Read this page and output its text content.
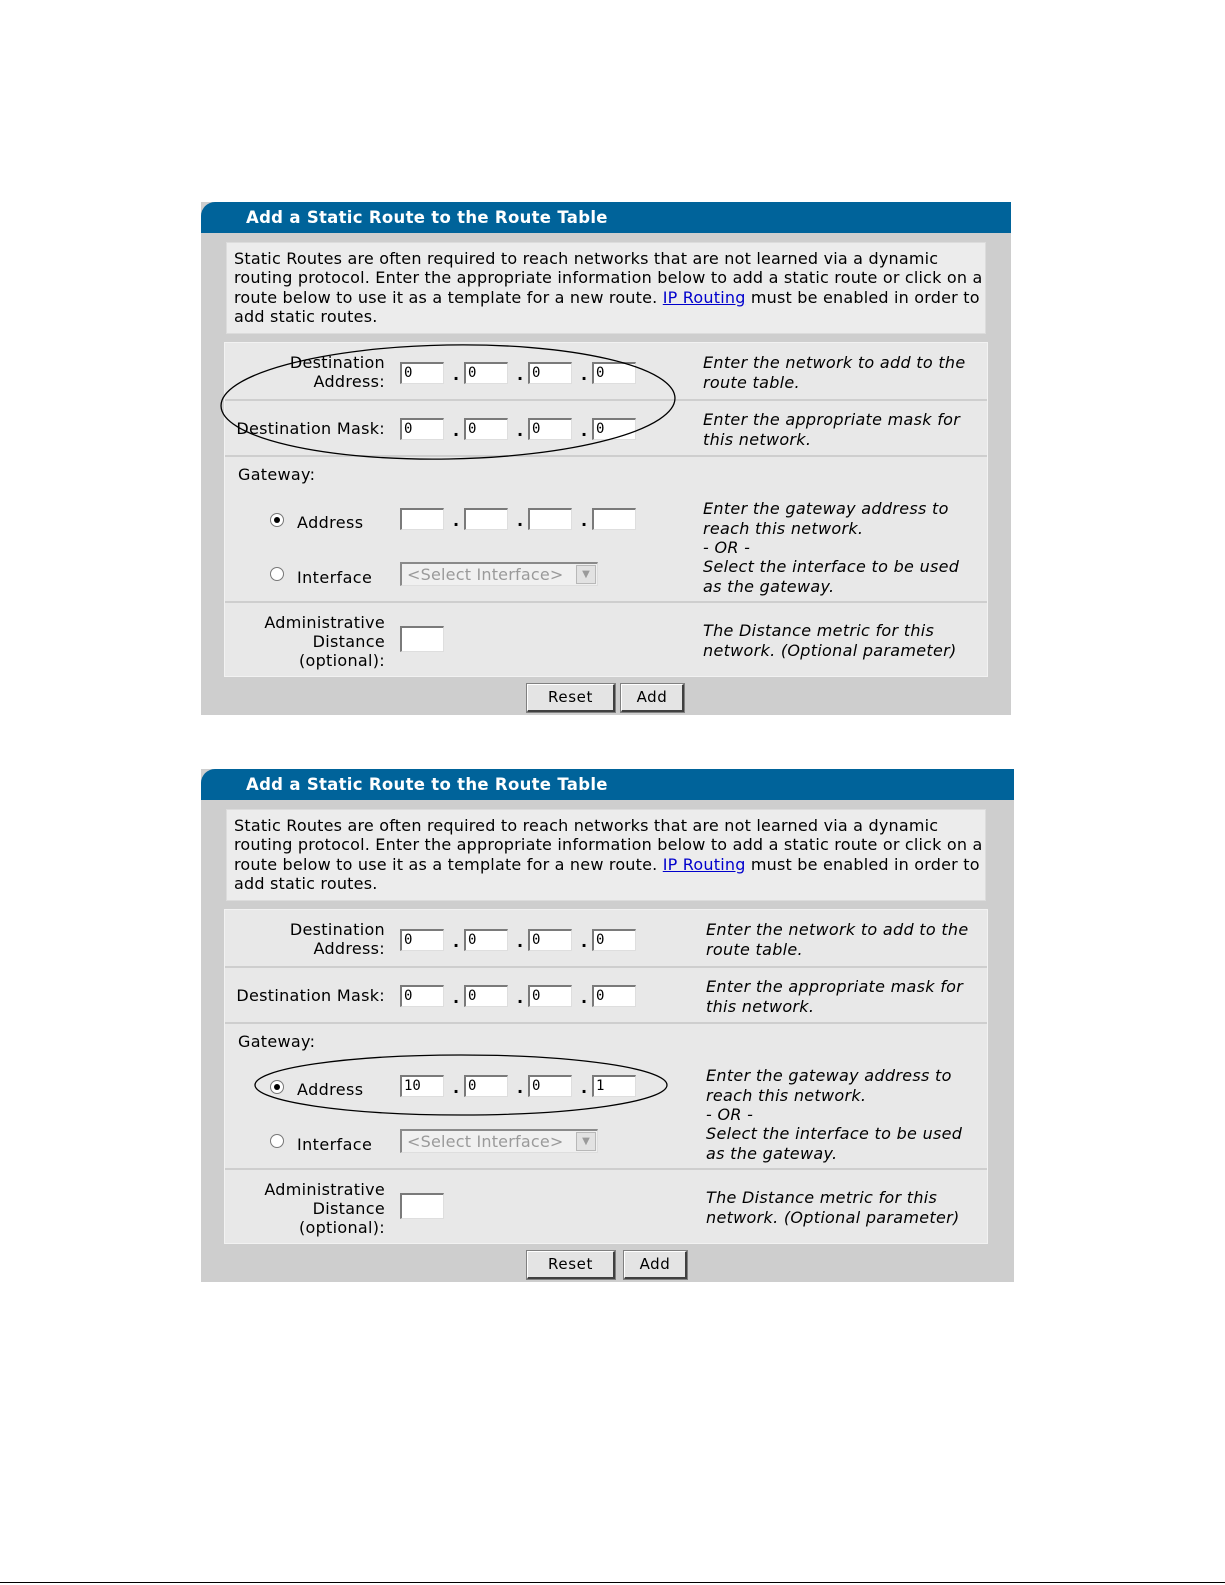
Add a Static Route to the Route Table
Static Routes are often required to reach networks that are not learned via a dynamic routing protocol. Enter the appropriate information below to add a static route or click on a route below to use it as a template for a new route. IP Routing must be enabled in order to add static routes.
Destination Address: 0	. 0	. 0	. 0
Enter the network to add to the route table.
Destination Mask: 0	. 0	. 0	. 0	Enter the appropriate mask for this network.
Gateway:
Address	.	.	.
Interface <Select Interface>	▼
Enter the gateway address to reach this network.
- OR -
Select the interface to be used as the gateway.
Administrative Distance (optional):
The Distance metric for this network. (Optional parameter)
Reset	Add
Add a Static Route to the Route Table
Static Routes are often required to reach networks that are not learned via a dynamic routing protocol. Enter the appropriate information below to add a static route or click on a route below to use it as a template for a new route. IP Routing must be enabled in order to add static routes.
Destination Address: 0	. 0	. 0	. 0
Enter the network to add to the route table.
Destination Mask: 0	. 0	. 0	. 0	Enter the appropriate mask for this network.
Gateway:
Address	10	. 0	. 0	. 1
Interface <Select Interface>	▼
Enter the gateway address to reach this network.
- OR -
Select the interface to be used as the gateway.
Administrative Distance (optional):
The Distance metric for this network. (Optional parameter)
Reset	Add
